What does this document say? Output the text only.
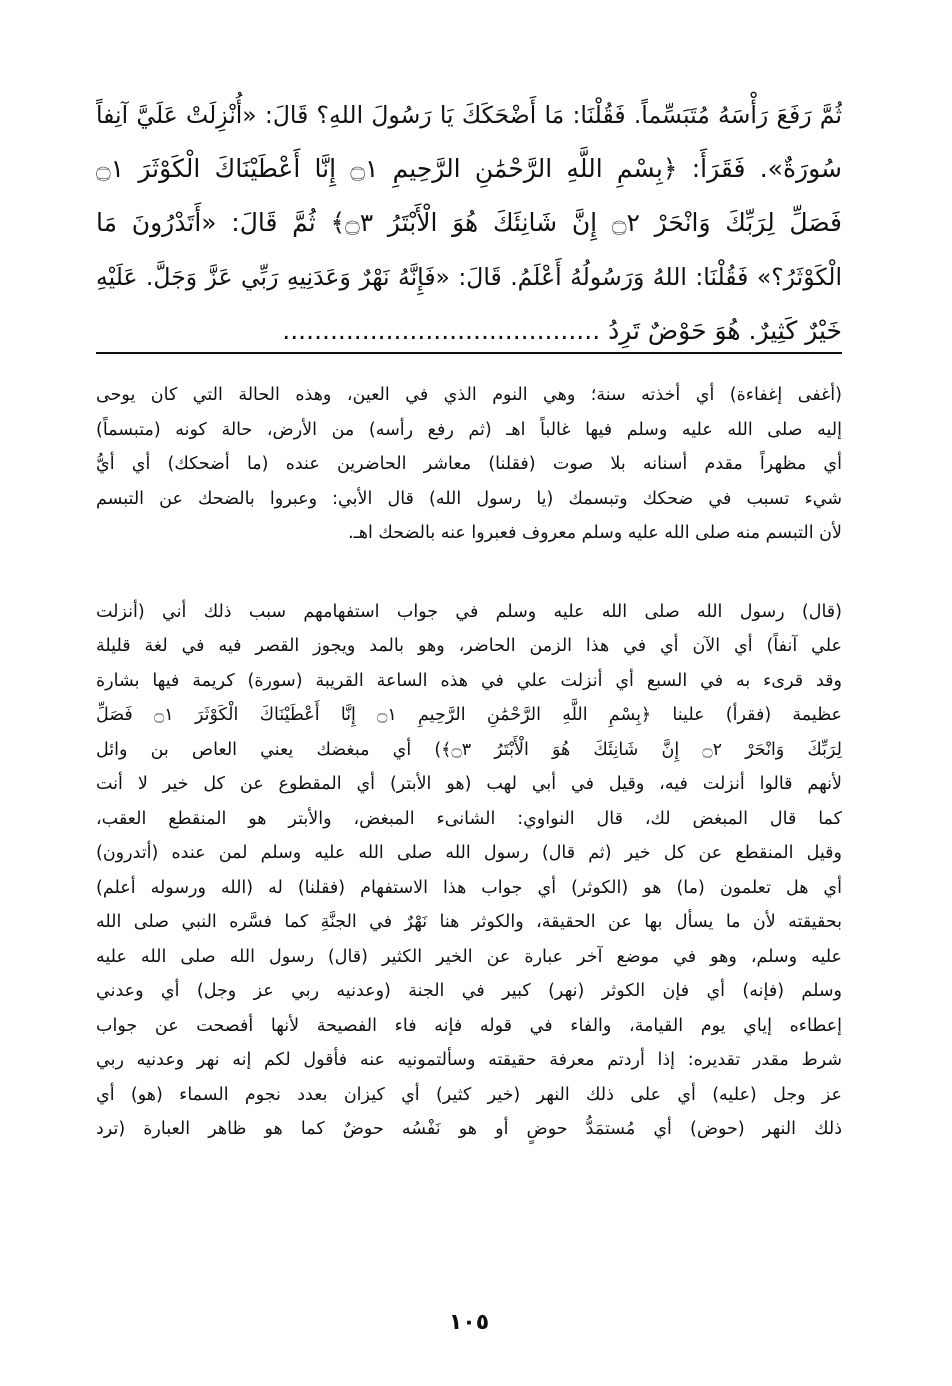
ثُمَّ رَفَعَ رَأْسَهُ مُتَبَسِّماً. فَقُلْنَا: مَا أَضْحَكَكَ يَا رَسُولَ اللهِ؟ قَالَ: «أُنْزِلَتْ عَلَيَّ آنِفاً
سُورَةٌ». فَقَرَأَ: ﴿بِسْمِ اللَّهِ الرَّحْمَٰنِ الرَّحِيمِ ۝١ إِنَّا أَعْطَيْنَاكَ الْكَوْثَرَ ۝١
فَصَلِّ لِرَبِّكَ وَانْحَرْ ۝٢ إِنَّ شَانِئَكَ هُوَ الْأَبْتَرُ ۝٣﴾ ثُمَّ قَالَ: «أَتَدْرُونَ مَا
الْكَوْثَرُ؟» فَقُلْنَا: اللهُ وَرَسُولُهُ أَعْلَمُ. قَالَ: «فَإِنَّهُ نَهْرٌ وَعَدَنِيهِ رَبِّي عَزَّ وَجَلَّ. عَلَيْهِ
خَيْرٌ كَثِيرٌ. هُوَ حَوْضٌ تَرِدُ ........................................
(أغفى إغفاءة) أي أخذته سنة؛ وهي النوم الذي في العين، وهذه الحالة التي كان يوحى
إليه صلى الله عليه وسلم فيها غالباً اهـ (ثم رفع رأسه) من الأرض، حالة كونه (متبسماً)
أي مظهراً مقدم أسنانه بلا صوت (فقلنا) معاشر الحاضرين عنده (ما أضحكك) أي أيُّ
شيء تسبب في ضحكك وتبسمك (يا رسول الله) قال الأبي: وعبروا بالضحك عن التبسم
لأن التبسم منه صلى الله عليه وسلم معروف فعبروا عنه بالضحك اهـ.
(قال) رسول الله صلى الله عليه وسلم في جواب استفهامهم سبب ذلك أني (أنزلت
علي آنفاً) أي الآن أي في هذا الزمن الحاضر، وهو بالمد ويجوز القصر فيه في لغة قليلة
وقد قرىء به في السبع أي أنزلت علي في هذه الساعة القريبة (سورة) كريمة فيها بشارة
عظيمة (فقرأ) علينا ﴿بِسْمِ اللَّهِ الرَّحْمَٰنِ الرَّحِيمِ ۝١ إِنَّا أَعْطَيْنَاكَ الْكَوْثَرَ ۝١ فَصَلِّ
لِرَبِّكَ وَانْحَرْ ۝٢ إِنَّ شَانِئَكَ هُوَ الْأَبْتَرُ ۝٣﴾) أي مبغضك يعني العاص بن وائل
لأنهم قالوا أنزلت فيه، وقيل في أبي لهب (هو الأبتر) أي المقطوع عن كل خير لا أنت
كما قال المبغض لك، قال النواوي: الشانىء المبغض، والأبتر هو المنقطع العقب،
وقيل المنقطع عن كل خير (ثم قال) رسول الله صلى الله عليه وسلم لمن عنده (أتدرون)
أي هل تعلمون (ما) هو (الكوثر) أي جواب هذا الاستفهام (فقلنا) له (الله ورسوله أعلم)
بحقيقته لأن ما يسأل بها عن الحقيقة، والكوثر هنا نَهْرٌ في الجنَّةِ كما فسَّره النبي صلى الله
عليه وسلم، وهو في موضع آخر عبارة عن الخير الكثير (قال) رسول الله صلى الله عليه
وسلم (فإنه) أي فإن الكوثر (نهر) كبير في الجنة (وعدنيه ربي عز وجل) أي وعدني
إعطاءه إياي يوم القيامة، والفاء في قوله فإنه فاء الفصيحة لأنها أفصحت عن جواب
شرط مقدر تقديره: إذا أردتم معرفة حقيقته وسألتمونيه عنه فأقول لكم إنه نهر وعدنيه ربي
عز وجل (عليه) أي على ذلك النهر (خير كثير) أي كيزان بعدد نجوم السماء (هو) أي
ذلك النهر (حوض) أي مُستمَدُّ حوضٍ أو هو نَفْسُه حوضٌ كما هو ظاهر العبارة (ترد
١٠٥
